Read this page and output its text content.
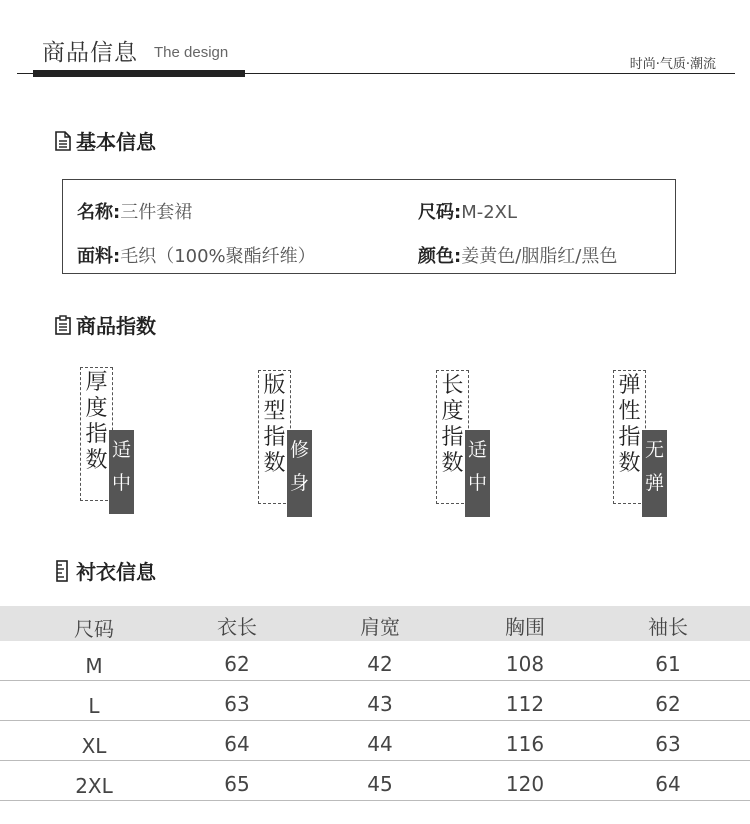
商品信息 The design
时尚·气质·潮流
基本信息
名称:三件套裙	尺码:M-2XL
面料:毛织（100%聚酯纤维）	颜色:姜黄色/胭脂红/黑色
商品指数
厚度指数 适中
版型指数
修身
长度指数
适中
弹性指数
无弹
衬衣信息
尺码	衣长	肩宽	胸围	袖长
M	62	42	108	61
L	63	43	112	62
XL	64	44	116	63
2XL	65	45	120	64
